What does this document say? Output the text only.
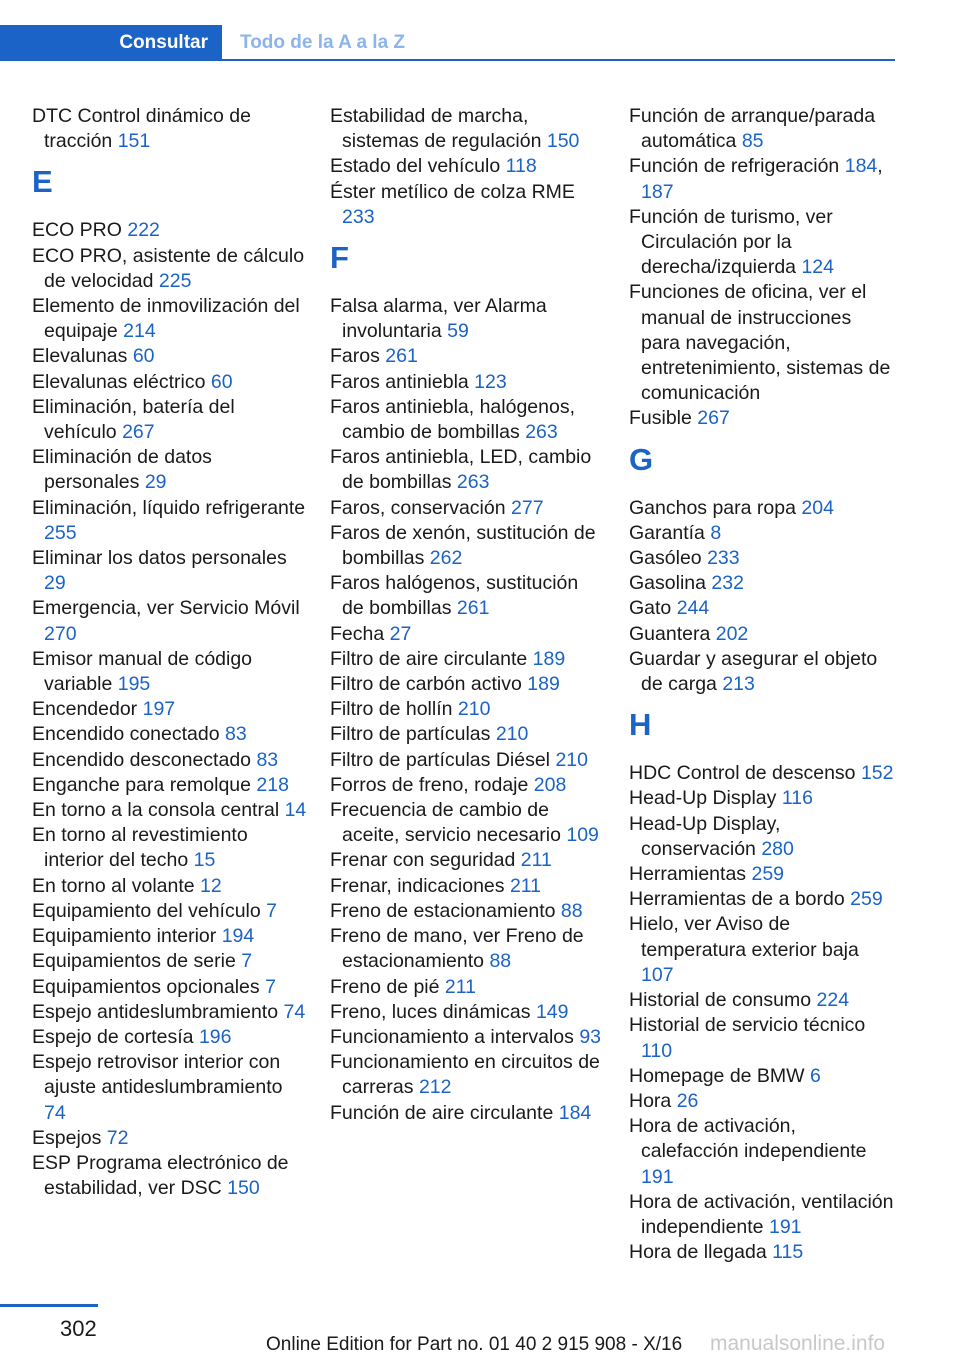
Consultar Todo de la A a la Z

DTC Control dinámico de tracción 151

E

ECO PRO 222

ECO PRO, asistente de cálculo de velocidad 225

Elemento de inmovilización del equipaje 214

Elevalunas 60

Elevalunas eléctrico 60

Eliminación, batería del vehículo 267

Eliminación de datos personales 29

Eliminación, líquido refrigerante 255

Eliminar los datos personales 29

Emergencia, ver Servicio Móvil 270

Emisor manual de código variable 195

Encendedor 197

Encendido conectado 83

Encendido desconectado 83

Enganche para remolque 218

En torno a la consola central 14

En torno al revestimiento interior del techo 15

En torno al volante 12

Equipamiento del vehículo 7

Equipamiento interior 194

Equipamientos de serie 7

Equipamientos opcionales 7

Espejo antideslumbramiento 74

Espejo de cortesía 196

Espejo retrovisor interior con ajuste antideslumbramiento 74

Espejos 72

ESP Programa electrónico de estabilidad, ver DSC 150

Estabilidad de marcha, sistemas de regulación 150

Estado del vehículo 118

Éster metílico de colza RME 233

F

Falsa alarma, ver Alarma involuntaria 59

Faros 261

Faros antiniebla 123

Faros antiniebla, halógenos, cambio de bombillas 263

Faros antiniebla, LED, cambio de bombillas 263

Faros, conservación 277

Faros de xenón, sustitución de bombillas 262

Faros halógenos, sustitución de bombillas 261

Fecha 27

Filtro de aire circulante 189

Filtro de carbón activo 189

Filtro de hollín 210

Filtro de partículas 210

Filtro de partículas Diésel 210

Forros de freno, rodaje 208

Frecuencia de cambio de aceite, servicio necesario 109

Frenar con seguridad 211

Frenar, indicaciones 211

Freno de estacionamiento 88

Freno de mano, ver Freno de estacionamiento 88

Freno de pié 211

Freno, luces dinámicas 149

Funcionamiento a intervalos 93

Funcionamiento en circuitos de carreras 212

Función de aire circulante 184

Función de arranque/parada automática 85

Función de refrigeración 184, 187

Función de turismo, ver Circulación por la derecha/izquierda 124

Funciones de oficina, ver el manual de instrucciones para navegación, entretenimiento, sistemas de comunicación

Fusible 267

G

Ganchos para ropa 204

Garantía 8

Gasóleo 233

Gasolina 232

Gato 244

Guantera 202

Guardar y asegurar el objeto de carga 213

H

HDC Control de descenso 152

Head-Up Display 116

Head-Up Display, conservación 280

Herramientas 259

Herramientas de a bordo 259

Hielo, ver Aviso de temperatura exterior baja 107

Historial de consumo 224

Historial de servicio técnico 110

Homepage de BMW 6

Hora 26

Hora de activación, calefacción independiente 191

Hora de activación, ventilación independiente 191

Hora de llegada 115

302
Online Edition for Part no. 01 40 2 915 908 - X/16 manualsonline.info
